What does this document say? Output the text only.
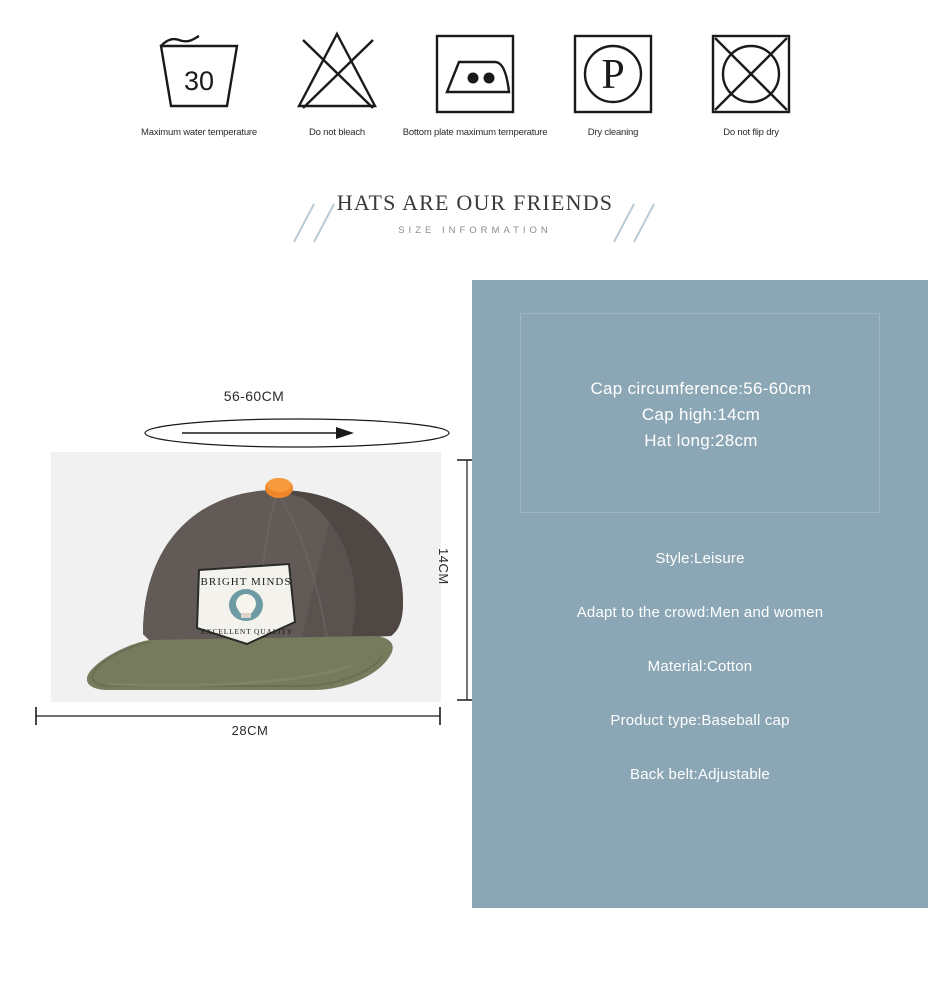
30
Maximum water temperature	Do not bleach	Bottom plate maximum temperature
P
Dry cleaning	Do not flip dry
HATS ARE OUR FRIENDS
SIZE INFORMATION
56-60CM
BRIGHT MINDS
EXCELLENT QUALITY
14CM
28CM
Cap circumference:56-60cm
Cap high:14cm
Hat long:28cm
Style:Leisure
Adapt to the crowd:Men and women
Material:Cotton
Product type:Baseball cap
Back belt:Adjustable
